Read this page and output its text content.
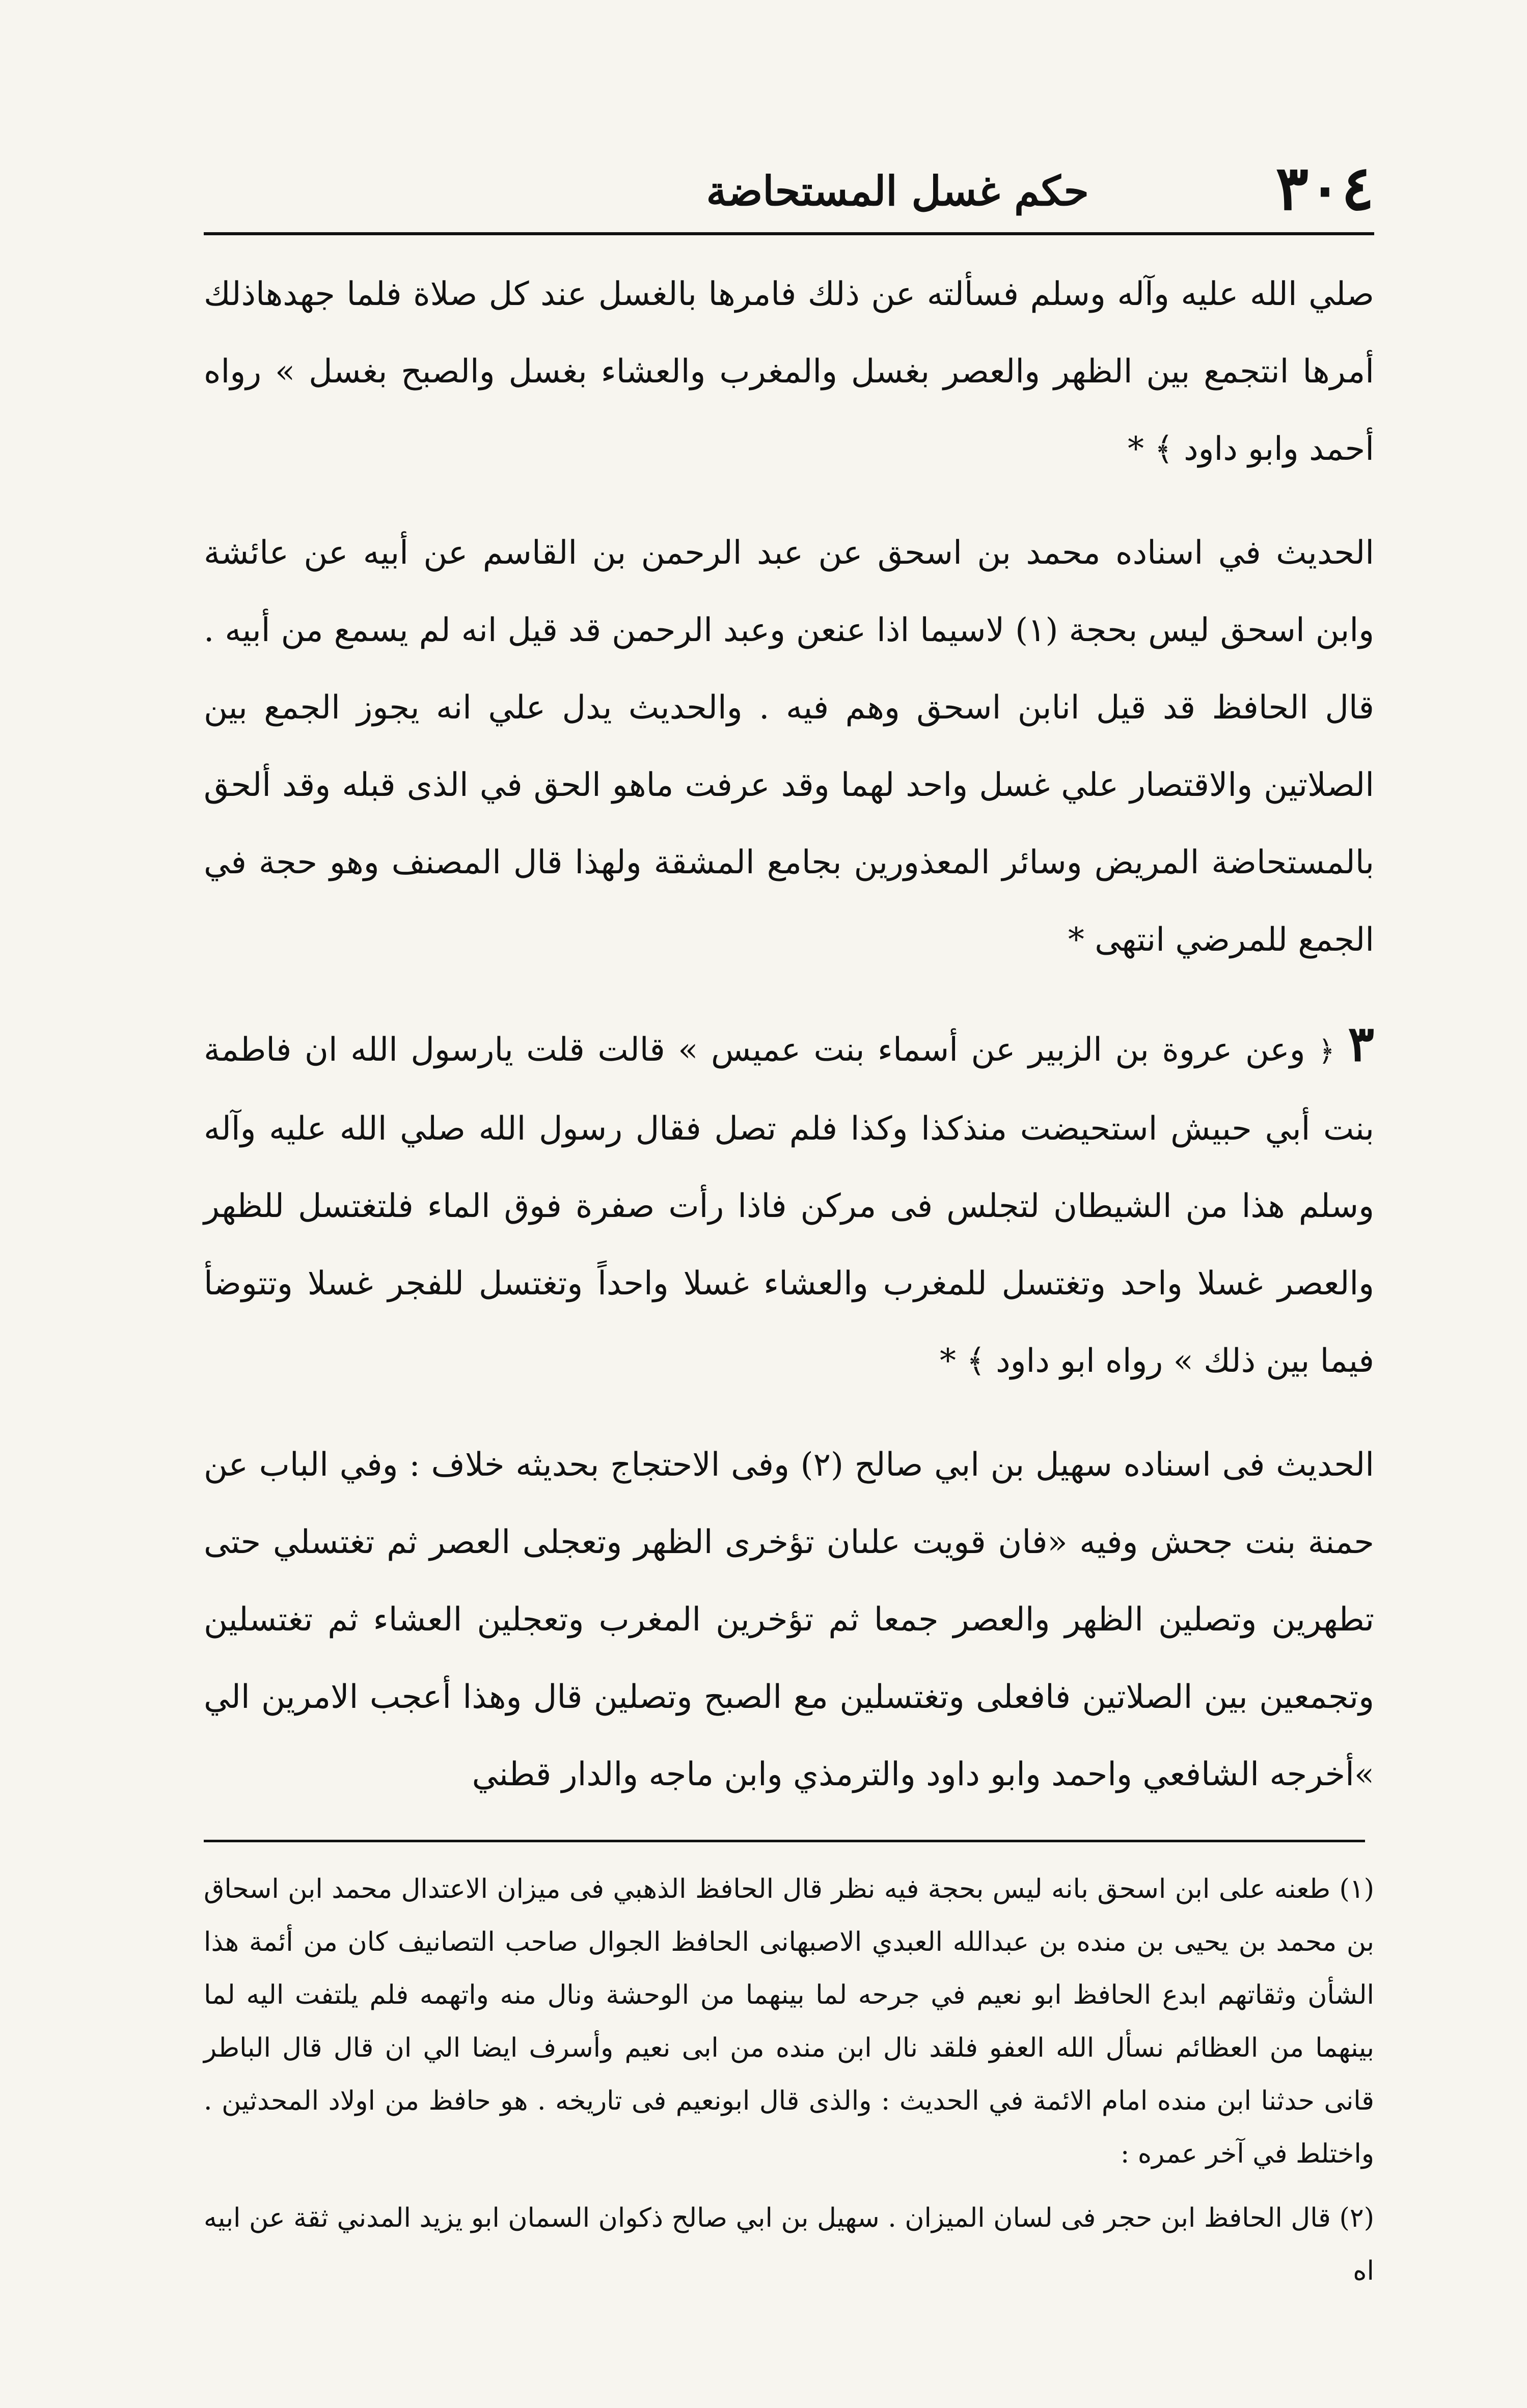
٣٠٤
حكم غسل المستحاضة

صلي الله عليه وآله وسلم فسألته عن ذلك فامرها بالغسل عند كل صلاة فلما جهدهاذلك أمرها انتجمع بين الظهر والعصر بغسل والمغرب والعشاء بغسل والصبح بغسل » رواه أحمد وابو داود ﴾ *

الحديث في اسناده محمد بن اسحق عن عبد الرحمن بن القاسم عن أبيه عن عائشة وابن اسحق ليس بحجة (١) لاسيما اذا عنعن وعبد الرحمن قد قيل انه لم يسمع من أبيه . قال الحافظ قد قيل انابن اسحق وهم فيه . والحديث يدل علي انه يجوز الجمع بين الصلاتين والاقتصار علي غسل واحد لهما وقد عرفت ماهو الحق في الذى قبله وقد ألحق بالمستحاضة المريض وسائر المعذورين بجامع المشقة ولهذا قال المصنف وهو حجة في الجمع للمرضي انتهى *

٣ ﴿ وعن عروة بن الزبير عن أسماء بنت عميس » قالت قلت يارسول الله ان فاطمة بنت أبي حبيش استحيضت منذكذا وكذا فلم تصل فقال رسول الله صلي الله عليه وآله وسلم هذا من الشيطان لتجلس فى مركن فاذا رأت صفرة فوق الماء فلتغتسل للظهر والعصر غسلا واحد وتغتسل للمغرب والعشاء غسلا واحداً وتغتسل للفجر غسلا وتتوضأ فيما بين ذلك » رواه ابو داود ﴾ *

الحديث فى اسناده سهيل بن ابي صالح (٢) وفى الاحتجاج بحديثه خلاف : وفي الباب عن حمنة بنت جحش وفيه «فان قويت علىان تؤخرى الظهر وتعجلى العصر ثم تغتسلي حتى تطهرين وتصلين الظهر والعصر جمعا ثم تؤخرين المغرب وتعجلين العشاء ثم تغتسلين وتجمعين بين الصلاتين فافعلى وتغتسلين مع الصبح وتصلين قال وهذا أعجب الامرين الي »أخرجه الشافعي واحمد وابو داود والترمذي وابن ماجه والدار قطني

(١) طعنه على ابن اسحق بانه ليس بحجة فيه نظر قال الحافظ الذهبي فى ميزان الاعتدال محمد ابن اسحاق بن محمد بن يحيى بن منده بن عبدالله العبدي الاصبهانى الحافظ الجوال صاحب التصانيف كان من أئمة هذا الشأن وثقاتهم ابدع الحافظ ابو نعيم في جرحه لما بينهما من الوحشة ونال منه واتهمه فلم يلتفت اليه لما بينهما من العظائم نسأل الله العفو فلقد نال ابن منده من ابى نعيم وأسرف ايضا الي ان قال قال الباطر قانى حدثنا ابن منده امام الائمة في الحديث : والذى قال ابونعيم فى تاريخه . هو حافظ من اولاد المحدثين . واختلط في آخر عمره :

(٢) قال الحافظ ابن حجر فى لسان الميزان . سهيل بن ابي صالح ذكوان السمان ابو يزيد المدني ثقة عن ابيه اه
